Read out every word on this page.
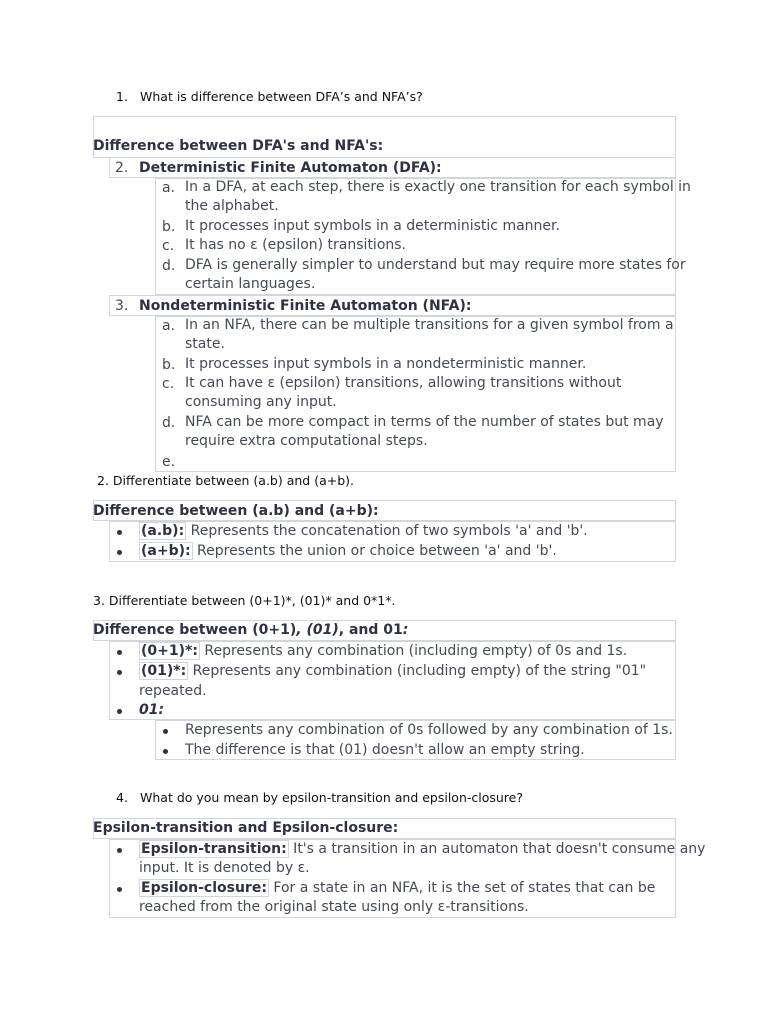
1. What is difference between DFA’s and NFA’s?
Difference between DFA's and NFA's:
2. Deterministic Finite Automaton (DFA):
a. In a DFA, at each step, there is exactly one transition for each symbol in
the alphabet.
b. It processes input symbols in a deterministic manner.
c. It has no ε (epsilon) transitions.
d. DFA is generally simpler to understand but may require more states for
certain languages.
3. Nondeterministic Finite Automaton (NFA):
a. In an NFA, there can be multiple transitions for a given symbol from a
state.
b. It processes input symbols in a nondeterministic manner.
c. It can have ε (epsilon) transitions, allowing transitions without
consuming any input.
d. NFA can be more compact in terms of the number of states but may
require extra computational steps.
e.
2. Differentiate between (a.b) and (a+b).
Difference between (a.b) and (a+b):
(a.b): Represents the concatenation of two symbols 'a' and 'b'.
(a+b): Represents the union or choice between 'a' and 'b'.
3. Differentiate between (0+1)*, (01)* and 0*1*.
Difference between (0+1), (01), and 01:
(0+1)*: Represents any combination (including empty) of 0s and 1s.
(01)*: Represents any combination (including empty) of the string "01"
repeated.
01:
Represents any combination of 0s followed by any combination of 1s.
The difference is that (01) doesn't allow an empty string.
4. What do you mean by epsilon-transition and epsilon-closure?
Epsilon-transition and Epsilon-closure:
Epsilon-transition: It's a transition in an automaton that doesn't consume any
input. It is denoted by ε.
Epsilon-closure: For a state in an NFA, it is the set of states that can be
reached from the original state using only ε-transitions.
